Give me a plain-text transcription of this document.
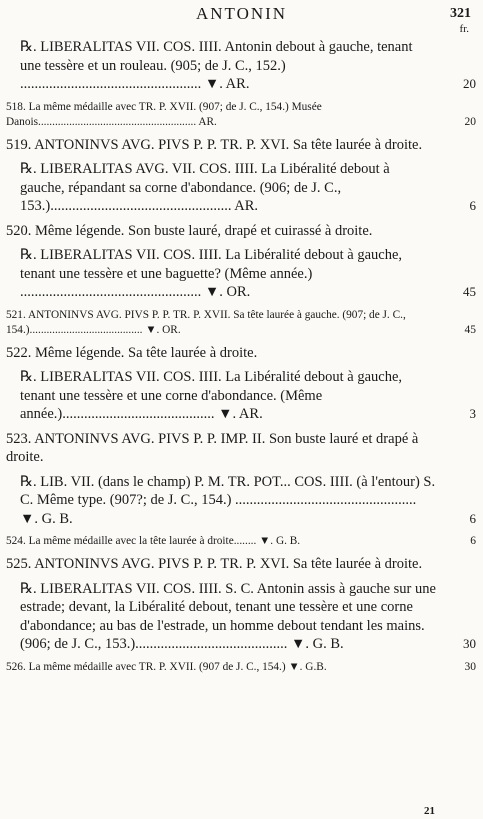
ANTONIN	321
fr.
℞. LIBERALITAS VII. COS. IIII. Antonin debout à gauche, tenant une tessère et un rouleau. (905; de J. C., 152.) .................................................. ▼. AR.	20
518. La même médaille avec TR. P. XVII. (907; de J. C., 154.) Musée Danois........................................................ AR.	20
519. ANTONINVS AVG. PIVS P. P. TR. P. XVI. Sa tête laurée à droite.
℞. LIBERALITAS AVG. VII. COS. IIII. La Libéralité debout à gauche, répandant sa corne d'abondance. (906; de J. C., 153.).................................................. AR.	6
520. Même légende. Son buste lauré, drapé et cuirassé à droite.
℞. LIBERALITAS VII. COS. IIII. La Libéralité debout à gauche, tenant une tessère et une baguette? (Même année.) .................................................. ▼. OR.	45
521. ANTONINVS AVG. PIVS P. P. TR. P. XVII. Sa tête laurée à gauche. (907; de J. C., 154.)........................................ ▼. OR.	45
522. Même légende. Sa tête laurée à droite.
℞. LIBERALITAS VII. COS. IIII. La Libéralité debout à gauche, tenant une tessère et une corne d'abondance. (Même année.).......................................... ▼. AR.	3
523. ANTONINVS AVG. PIVS P. P. IMP. II. Son buste lauré et drapé à droite.
℞. LIB. VII. (dans le champ) P. M. TR. POT... COS. IIII. (à l'entour) S. C. Même type. (907?; de J. C., 154.) .................................................. ▼. G. B.	6
524. La même médaille avec la tête laurée à droite........ ▼. G. B.	6
525. ANTONINVS AVG. PIVS P. P. TR. P. XVI. Sa tête laurée à droite.
℞. LIBERALITAS VII. COS. IIII. S. C. Antonin assis à gauche sur une estrade; devant, la Libéralité debout, tenant une tessère et une corne d'abondance; au bas de l'estrade, un homme debout tendant les mains. (906; de J. C., 153.).......................................... ▼. G. B.	30
526. La même médaille avec TR. P. XVII. (907 de J. C., 154.) ▼. G.B.	30
21
